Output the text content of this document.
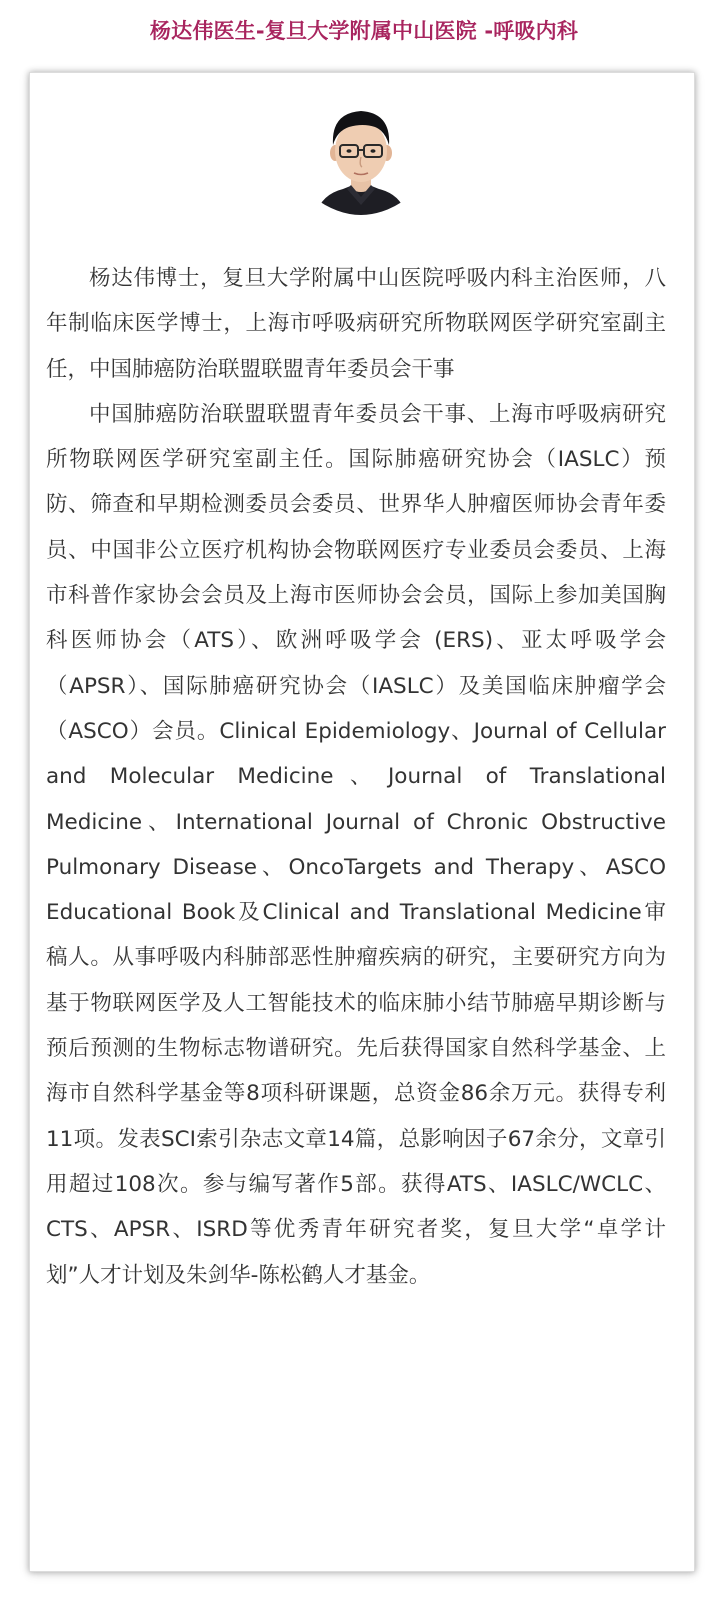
杨达伟医生-复旦大学附属中山医院 -呼吸内科

杨达伟博士，复旦大学附属中山医院呼吸内科主治医师，八年制临床医学博士，上海市呼吸病研究所物联网医学研究室副主任，中国肺癌防治联盟联盟青年委员会干事

中国肺癌防治联盟联盟青年委员会干事、上海市呼吸病研究所物联网医学研究室副主任。国际肺癌研究协会（IASLC）预防、筛查和早期检测委员会委员、世界华人肿瘤医师协会青年委员、中国非公立医疗机构协会物联网医疗专业委员会委员、上海市科普作家协会会员及上海市医师协会会员，国际上参加美国胸科医师协会（ATS）、欧洲呼吸学会 (ERS)、亚太呼吸学会（APSR）、国际肺癌研究协会（IASLC）及美国临床肿瘤学会（ASCO）会员。Clinical Epidemiology、Journal of Cellular and Molecular Medicine、Journal of Translational Medicine、International Journal of Chronic Obstructive Pulmonary Disease、OncoTargets and Therapy、ASCO Educational Book及Clinical and Translational Medicine审稿人。从事呼吸内科肺部恶性肿瘤疾病的研究，主要研究方向为基于物联网医学及人工智能技术的临床肺小结节肺癌早期诊断与预后预测的生物标志物谱研究。先后获得国家自然科学基金、上海市自然科学基金等8项科研课题，总资金86余万元。获得专利11项。发表SCI索引杂志文章14篇，总影响因子67余分，文章引用超过108次。参与编写著作5部。获得ATS、IASLC/WCLC、CTS、APSR、ISRD等优秀青年研究者奖，复旦大学“卓学计划”人才计划及朱剑华-陈松鹤人才基金。
